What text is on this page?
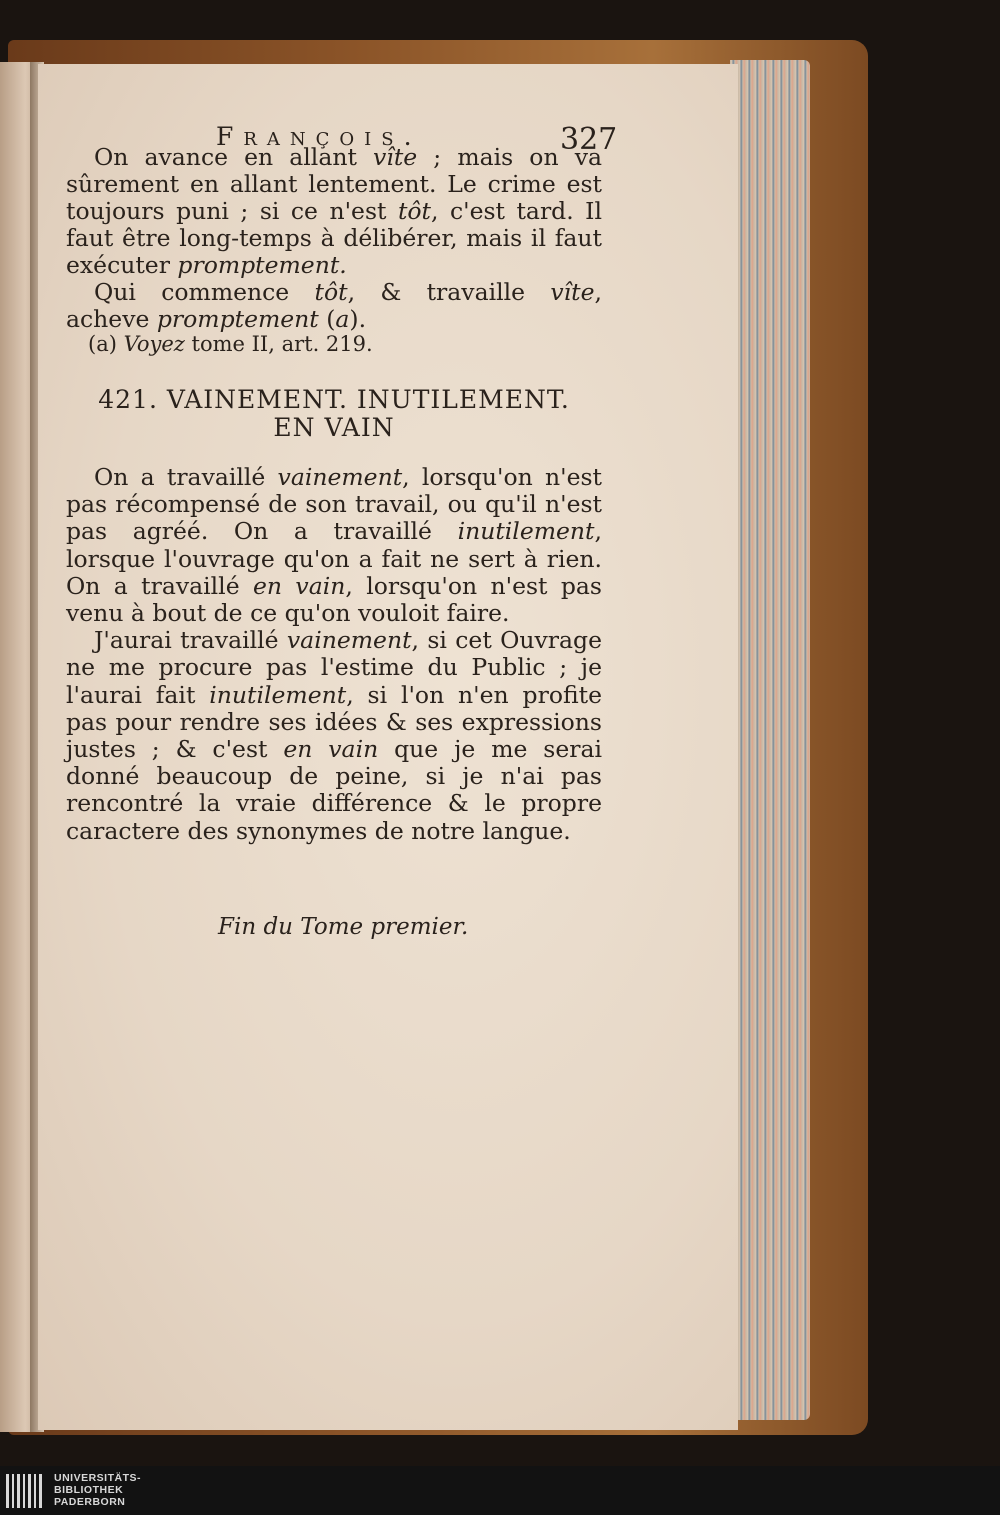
François.	327

On avance en allant vîte ; mais on va sûrement en allant lentement. Le crime est toujours puni ; si ce n'est tôt, c'est tard. Il faut être long-temps à délibérer, mais il faut exécuter promptement.

Qui commence tôt, & travaille vîte, acheve promptement (a).

(a) Voyez tome II, art. 219.
421. VAINEMENT. INUTILEMENT.
EN VAIN

On a travaillé vainement, lorsqu'on n'est pas récompensé de son travail, ou qu'il n'est pas agréé. On a travaillé inutilement, lorsque l'ouvrage qu'on a fait ne sert à rien. On a travaillé en vain, lorsqu'on n'est pas venu à bout de ce qu'on vouloit faire.

J'aurai travaillé vainement, si cet Ouvrage ne me procure pas l'estime du Public ; je l'aurai fait inutilement, si l'on n'en profite pas pour rendre ses idées & ses expressions justes ; & c'est en vain que je me serai donné beaucoup de peine, si je n'ai pas rencontré la vraie différence & le propre caractere des synonymes de notre langue.

Fin du Tome premier.
UNIVERSITÄTS-
BIBLIOTHEK
PADERBORN
